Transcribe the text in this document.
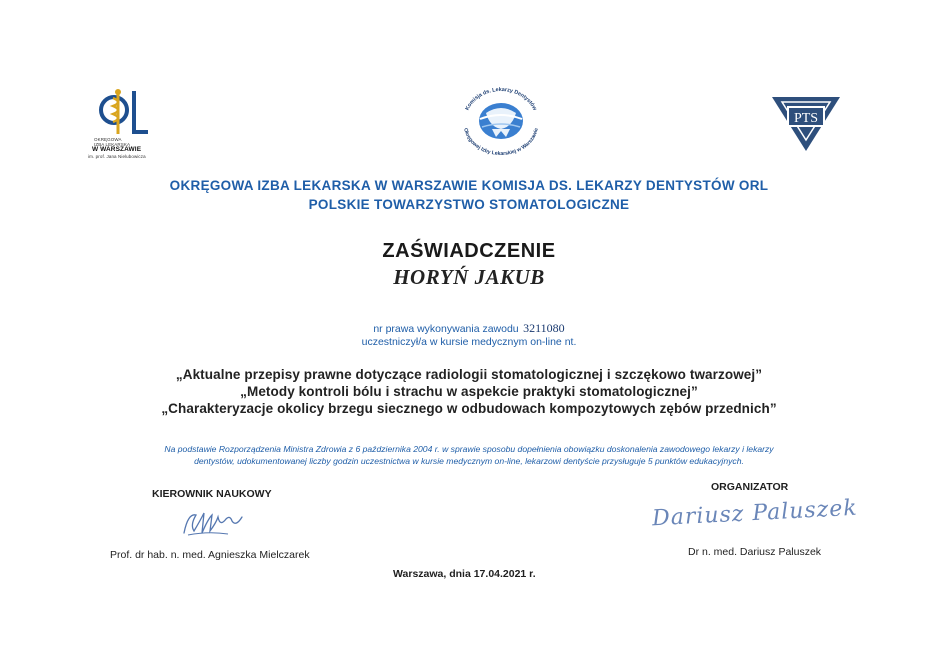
OKRĘGOWA
IZBA LEKARSKA
W WARSZAWIE
im. prof. Jana Nielubowicza
Komisja ds. Lekarzy Dentystów
Okręgowej Izby Lekarskiej w Warszawie
PTS
OKRĘGOWA IZBA LEKARSKA W WARSZAWIE KOMISJA DS. LEKARZY DENTYSTÓW ORL
POLSKIE TOWARZYSTWO STOMATOLOGICZNE
ZAŚWIADCZENIE
HORYŃ JAKUB
nr prawa wykonywania zawodu 3211080
uczestniczył/a w kursie medycznym on-line nt.
„Aktualne przepisy prawne dotyczące radiologii stomatologicznej i szczękowo twarzowej”
„Metody kontroli bólu i strachu w aspekcie praktyki stomatologicznej”
„Charakteryzacje okolicy brzegu siecznego w odbudowach kompozytowych zębów przednich”
Na podstawie Rozporządzenia Ministra Zdrowia z 6 października 2004 r. w sprawie sposobu dopełnienia obowiązku doskonalenia zawodowego lekarzy i lekarzy
dentystów, udokumentowanej liczby godzin uczestnictwa w kursie medycznym on-line, lekarzowi dentyście przysługuje 5 punktów edukacyjnych.
KIEROWNIK NAUKOWY
Prof. dr hab. n. med. Agnieszka Mielczarek
ORGANIZATOR
Dariusz Paluszek
Dr n. med. Dariusz Paluszek
Warszawa, dnia 17.04.2021 r.
